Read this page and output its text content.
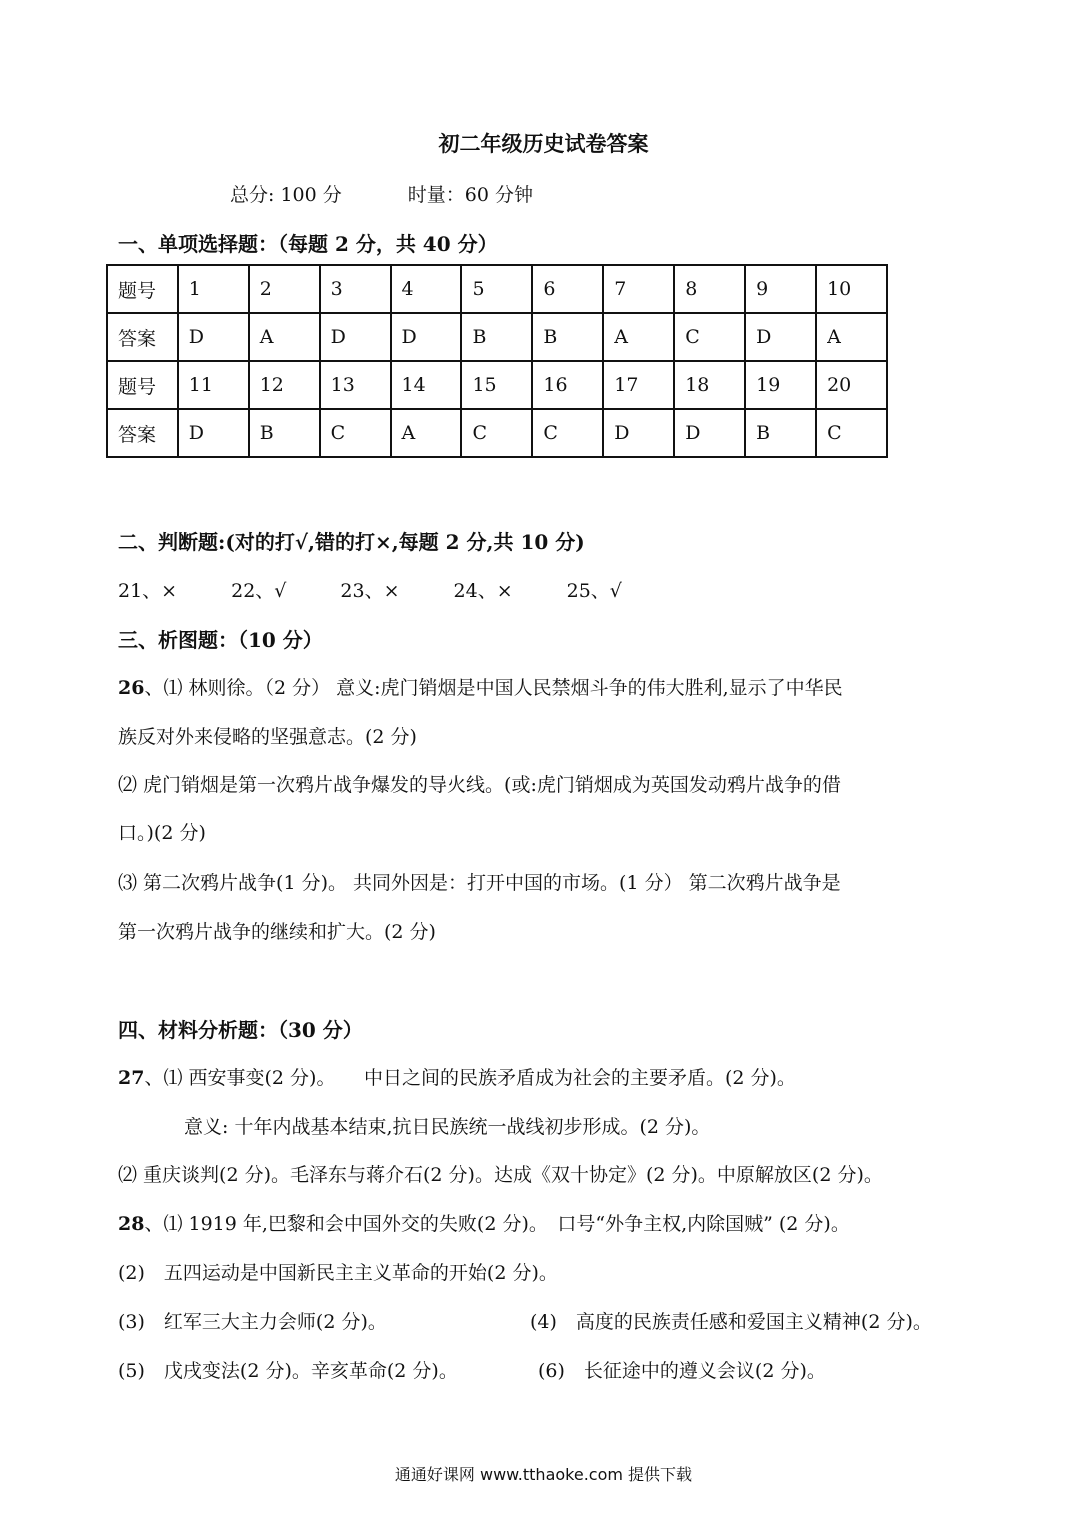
初二年级历史试卷答案
总分: 100 分	时量：60 分钟
一、单项选择题：（每题 2 分，共 40 分）
题号	1	2	3	4	5	6	7	8	9	10
答案	D	A	D	D	B	B	A	C	D	A
题号	11	12	13	14	15	16	17	18	19	20
答案	D	B	C	A	C	C	D	D	B	C
二、判断题:(对的打√,错的打×,每题 2 分,共 10 分)
21、×	22、√	23、×	24、×	25、√
三、析图题：（10 分）
26、⑴ 林则徐。（2 分） 意义:虎门销烟是中国人民禁烟斗争的伟大胜利,显示了中华民
族反对外来侵略的坚强意志。(2 分)
⑵ 虎门销烟是第一次鸦片战争爆发的导火线。(或:虎门销烟成为英国发动鸦片战争的借
口。)(2 分)
⑶ 第二次鸦片战争(1 分)。 共同外因是：打开中国的市场。(1 分） 第二次鸦片战争是
第一次鸦片战争的继续和扩大。(2 分)
四、材料分析题：（30 分）
27、⑴ 西安事变(2 分)。　　中日之间的民族矛盾成为社会的主要矛盾。(2 分)。
意义: 十年内战基本结束,抗日民族统一战线初步形成。(2 分)。
⑵ 重庆谈判(2 分)。毛泽东与蒋介石(2 分)。达成《双十协定》(2 分)。中原解放区(2 分)。
28、⑴ 1919 年,巴黎和会中国外交的失败(2 分)。　口号“外争主权,内除国贼” (2 分)。
(2)　五四运动是中国新民主主义革命的开始(2 分)。
(3)　红军三大主力会师(2 分)。	(4)　高度的民族责任感和爱国主义精神(2 分)。
(5)　戊戌变法(2 分)。辛亥革命(2 分)。	(6)　长征途中的遵义会议(2 分)。
通通好课网 www.tthaoke.com 提供下载
